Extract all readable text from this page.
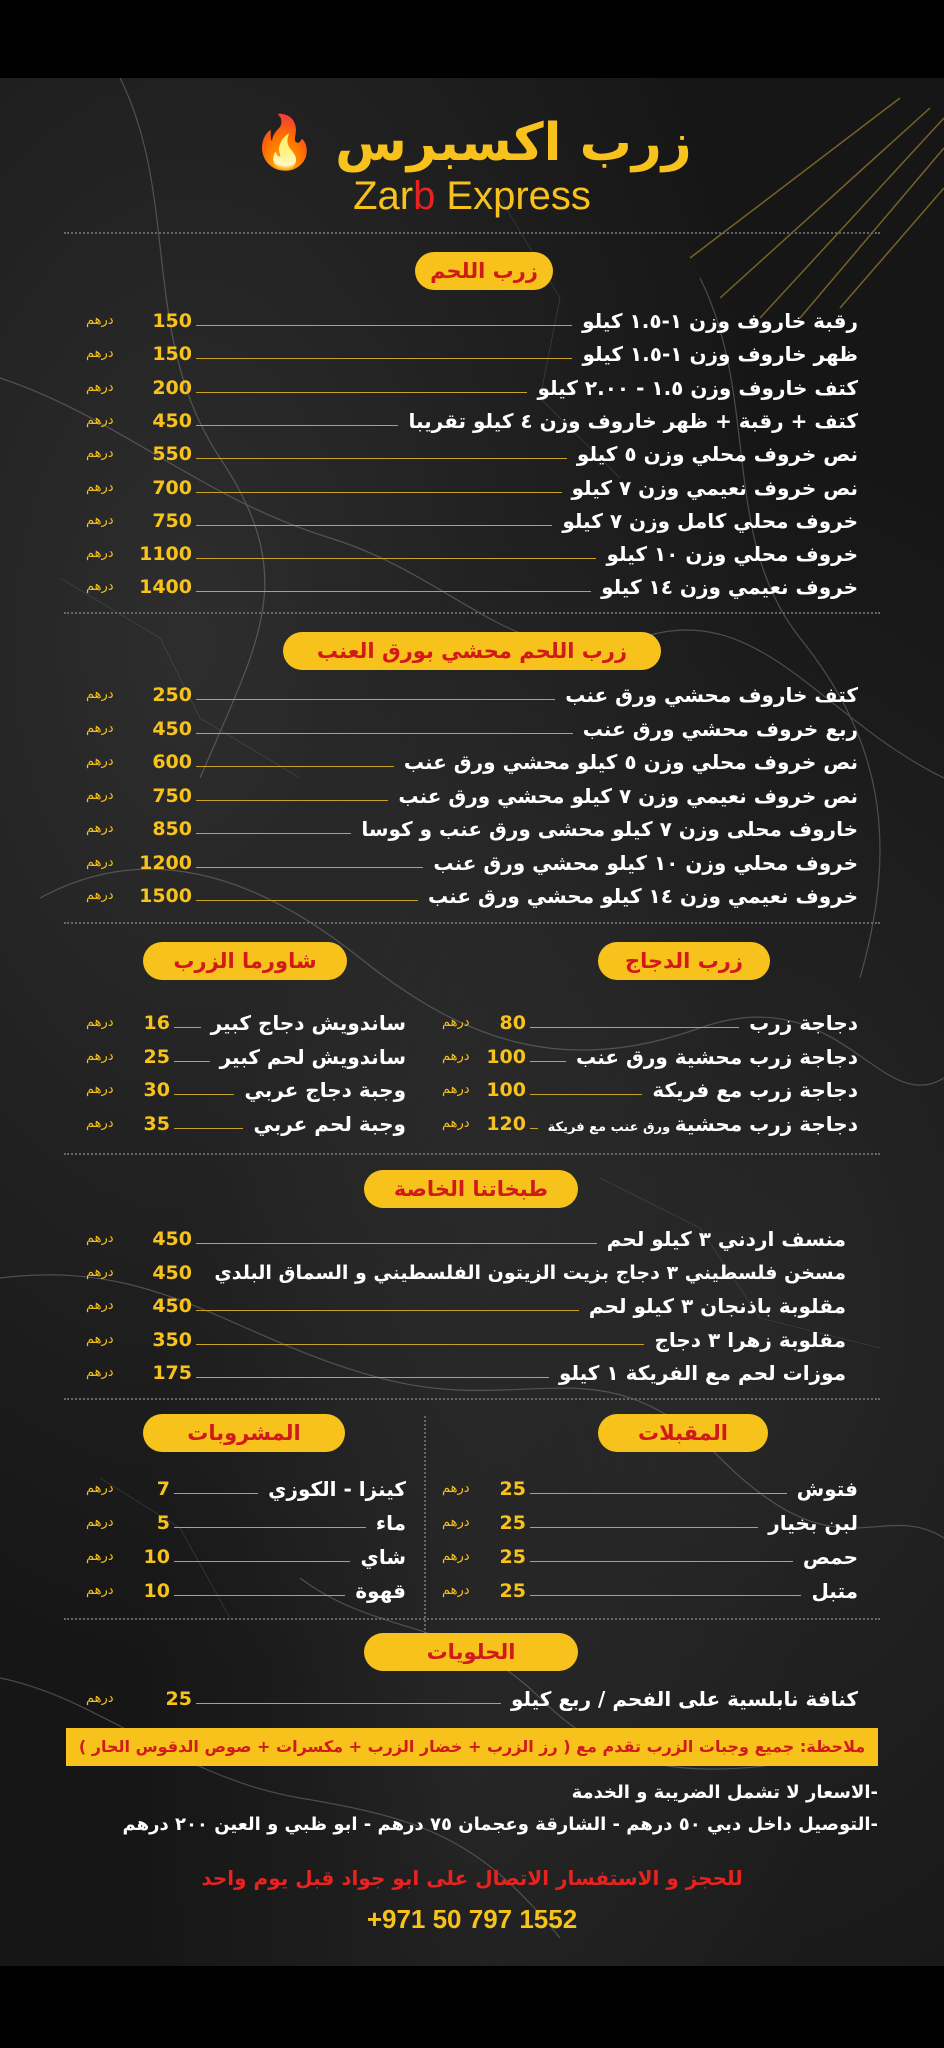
🔥 زرب اكسبرس
Zarb Express
زرب اللحم
درهم	150	رقبة خاروف وزن ١-١.٥ كيلو
درهم	150	ظهر خاروف وزن ١-١.٥ كيلو
درهم	200	كتف خاروف وزن ١.٥ - ٢.٠٠ كيلو
درهم	450	كتف + رقبة + ظهر خاروف وزن ٤ كيلو تقريبا
درهم	550	نص خروف محلي وزن ٥ كيلو
درهم	700	نص خروف نعيمي وزن ٧ كيلو
درهم	750	خروف محلي كامل وزن ٧ كيلو
درهم	1100	خروف محلي وزن ١٠ كيلو
درهم	1400	خروف نعيمي وزن ١٤ كيلو
زرب اللحم محشي بورق العنب
درهم	250	كتف خاروف محشي ورق عنب
درهم	450	ربع خروف محشي ورق عنب
درهم	600	نص خروف محلي وزن ٥ كيلو محشي ورق عنب
درهم	750	نص خروف نعيمي وزن ٧ كيلو محشي ورق عنب
درهم	850	خاروف محلى وزن ٧ كيلو محشى ورق عنب و كوسا
درهم	1200	خروف محلي وزن ١٠ كيلو محشي ورق عنب
درهم	1500	خروف نعيمي وزن ١٤ كيلو محشي ورق عنب
زرب الدجاج
شاورما الزرب
درهم	80	دجاجة زرب
درهم 100	دجاجة زرب محشية ورق عنب
درهم 100	دجاجة زرب مع فريكة
درهم 120	دجاجة زرب محشية ورق عنب مع فريكة
درهم	16 ساندويش دجاج كبير
درهم	25 ساندويش لحم كبير
درهم	30	وجبة دجاج عربي
درهم	35	وجبة لحم عربي
طبخاتنا الخاصة
درهم	450	منسف اردني ٣ كيلو لحم
درهم	450 مسخن فلسطيني ٣ دجاج بزيت الزيتون الفلسطيني و السماق البلدي
درهم	450	مقلوبة باذنجان ٣ كيلو لحم
درهم	350	مقلوبة زهرا ٣ دجاج
درهم	175	موزات لحم مع الفريكة ١ كيلو
المقبلات
المشروبات
درهم	25	فتوش
درهم	25	لبن بخيار
درهم	25	حمص
درهم	25	متبل
درهم	7	كينزا - الكوزي
درهم	5	ماء
درهم	10	شاي
درهم	10	قهوة
الحلويات
درهم	25	كنافة نابلسية على الفحم / ربع كيلو
ملاحظة: جميع وجبات الزرب تقدم مع ( رز الزرب + خضار الزرب + مكسرات + صوص الدقوس الحار )
-الاسعار لا تشمل الضريبة و الخدمة
-التوصيل داخل دبي ٥٠ درهم - الشارقة وعجمان ٧٥ درهم - ابو ظبي و العين ٢٠٠ درهم
للحجز و الاستفسار الاتصال على ابو جواد قبل يوم واحد
+971 50 797 1552
